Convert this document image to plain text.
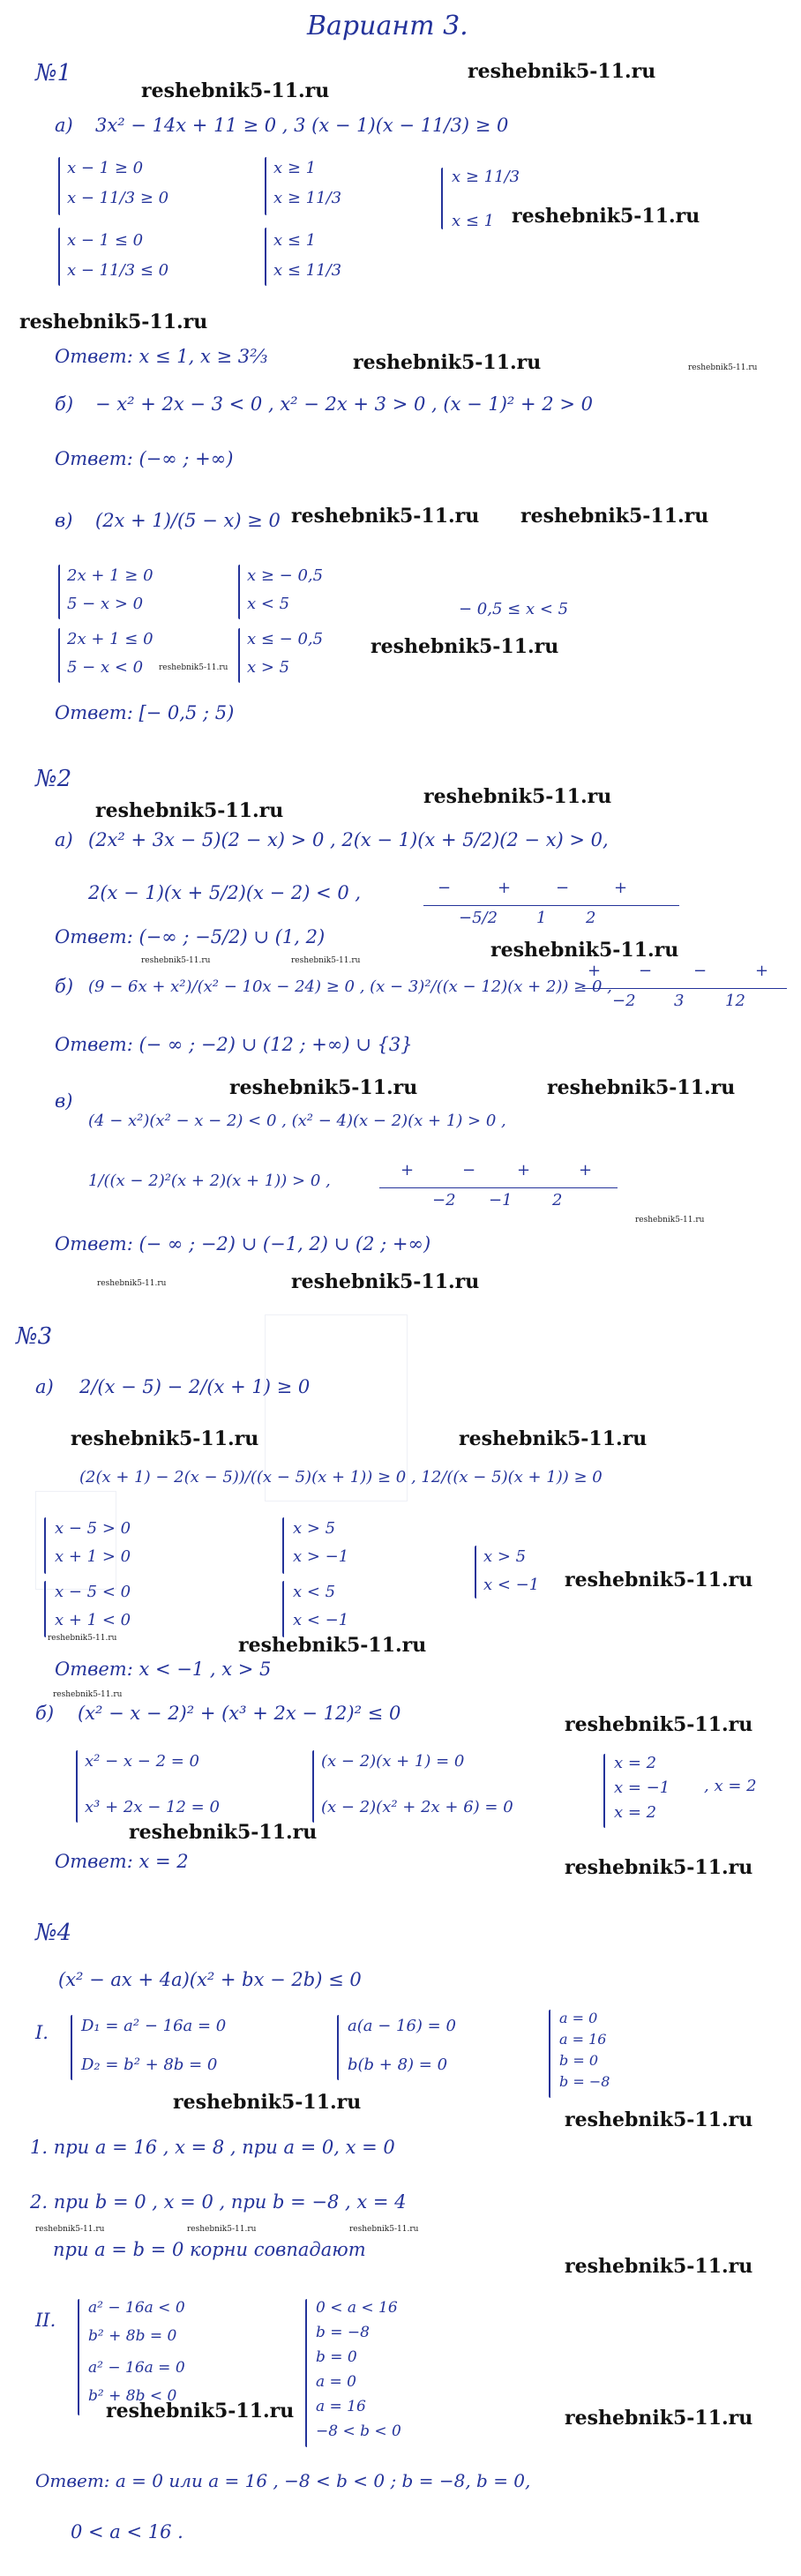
Вариант 3.
№1
reshebnik5-11.ru
reshebnik5-11.ru
а) 3x² − 14x + 11 ≥ 0 , 3 (x − 1)(x − 11/3) ≥ 0
x − 1 ≥ 0
x − 11/3 ≥ 0
x − 1 ≤ 0
x − 11/3 ≤ 0
x ≥ 1
x ≥ 11/3
x ≤ 1
x ≤ 11/3
x ≥ 11/3
x ≤ 1 reshebnik5-11.ru
reshebnik5-11.ru
Ответ: x ≤ 1, x ≥ 3⅔	reshebnik5-11.ru	reshebnik5-11.ru
б) − x² + 2x − 3 < 0 , x² − 2x + 3 > 0 , (x − 1)² + 2 > 0
Ответ: (−∞ ; +∞)
в) (2x + 1)/(5 − x) ≥ 0 reshebnik5-11.ru reshebnik5-11.ru
2x + 1 ≥ 0
5 − x > 0
2x + 1 ≤ 0
5 − x < 0 reshebnik5-11.ru
x ≥ − 0,5
x < 5
x ≤ − 0,5
x > 5
− 0,5 ≤ x < 5
reshebnik5-11.ru
Ответ: [− 0,5 ; 5)
№2
reshebnik5-11.ru
reshebnik5-11.ru
а) (2x² + 3x − 5)(2 − x) > 0 , 2(x − 1)(x + 5/2)(2 − x) > 0,
2(x − 1)(x + 5/2)(x − 2) < 0 ,	−	+	−	+
−5/2 1 2
Ответ: (−∞ ; −5/2) ∪ (1, 2)
reshebnik5-11.ru	reshebnik5-11.ru	reshebnik5-11.ru
б) (9 − 6x + x²)/(x² − 10x − 24) ≥ 0 , (x − 3)²/((x − 12)(x + 2)) ≥ 0 ,
+ −	−	+
−2 3	12
Ответ: (− ∞ ; −2) ∪ (12 ; +∞) ∪ {3}
в)
reshebnik5-11.ru	reshebnik5-11.ru
(4 − x²)(x² − x − 2) < 0 , (x² − 4)(x − 2)(x + 1) > 0 ,
1/((x − 2)²(x + 2)(x + 1)) > 0 ,
+	−	+	+
−2 −1	2
reshebnik5-11.ru
Ответ: (− ∞ ; −2) ∪ (−1, 2) ∪ (2 ; +∞)
reshebnik5-11.ru	reshebnik5-11.ru
№3
а) 2/(x − 5) − 2/(x + 1) ≥ 0
reshebnik5-11.ru	reshebnik5-11.ru
(2(x + 1) − 2(x − 5))/((x − 5)(x + 1)) ≥ 0 , 12/((x − 5)(x + 1)) ≥ 0
x − 5 > 0
x + 1 > 0
x − 5 < 0
x + 1 < 0
x > 5
x > −1
x < 5
x < −1
x > 5
x < −1 reshebnik5-11.ru
reshebnik5-11.ru	reshebnik5-11.ru
Ответ: x < −1 , x > 5
reshebnik5-11.ru
б) (x² − x − 2)² + (x³ + 2x − 12)² ≤ 0	reshebnik5-11.ru
x² − x − 2 = 0
x³ + 2x − 12 = 0
(x − 2)(x + 1) = 0
(x − 2)(x² + 2x + 6) = 0
x = 2
x = −1
x = 2
, x = 2
reshebnik5-11.ru
Ответ: x = 2	reshebnik5-11.ru
№4
(x² − ax + 4a)(x² + bx − 2b) ≤ 0
I. D₁ = a² − 16a = 0
D₂ = b² + 8b = 0
a(a − 16) = 0
b(b + 8) = 0
a = 0
a = 16
b = 0
b = −8
reshebnik5-11.ru
reshebnik5-11.ru
1. при a = 16 , x = 8 , при a = 0, x = 0
2. при b = 0 , x = 0 , при b = −8 , x = 4
reshebnik5-11.ru	reshebnik5-11.ru	reshebnik5-11.ru
при a = b = 0 корни совпадают
reshebnik5-11.ru
II.
a² − 16a < 0
b² + 8b = 0
a² − 16a = 0
b² + 8b < 0
0 < a < 16
b = −8
b = 0
a = 0
a = 16
−8 < b < 0
reshebnik5-11.ru	reshebnik5-11.ru
Ответ: a = 0 или a = 16 , −8 < b < 0 ; b = −8, b = 0,
0 < a < 16 .
